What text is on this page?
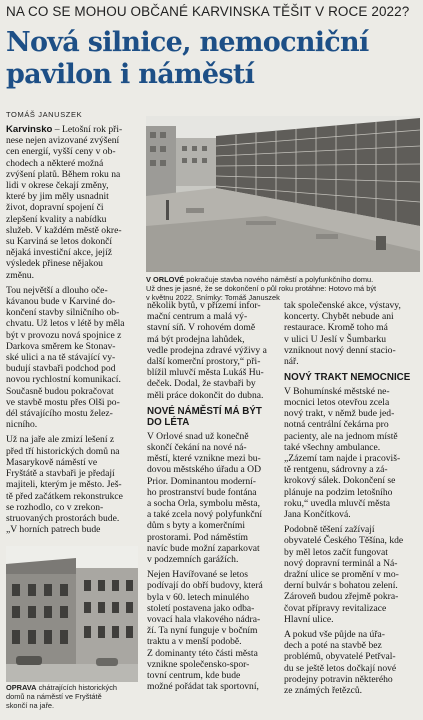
NA CO SE MOHOU OBČANÉ KARVINSKA TĚŠIT V ROCE 2022?
Nová silnice, nemocniční
pavilon i náměstí
TOMÁŠ JANUSZEK
V ORLOVÉ pokračuje stavba nového náměstí a polyfunkčního domu.
Už dnes je jasné, že se dokončení o půl roku protáhne: Hotovo má být
v květnu 2022. Snímky: Tomáš Januszek
Karvinsko – Letošní rok při-
nese nejen avizované zvýšení
cen energií, vyšší ceny v ob-
chodech a některé možná
zvýšení platů. Během roku na
lidi v okrese čekají změny,
které by jim měly usnadnit
život, dopravní spojení či
zlepšení kvality a nabídku
služeb. V každém městě okre-
su Karviná se letos dokončí
nějaká investiční akce, jejíž
výsledek přinese nějakou
změnu.
Tou největší a dlouho oče-
kávanou bude v Karviné do-
končení stavby silničního ob-
chvatu. Už letos v létě by měla
být v provozu nová spojnice z
Darkova směrem ke Stonav-
ské ulici a na tě stávající vy-
budují stavbaři podchod pod
novou rychlostní komunikací.
Současně budou pokračovat
ve stavbě mostu přes Olši po-
dél stávajícího mostu želez-
nicního.
Už na jaře ale zmizí lešení z
před tří historických domů na
Masarykově náměstí ve
Fryštátě a stavbaři je předají
majiteli, kterým je město. Ješ-
tě před začátkem rekonstrukce
se rozhodlo, co v zrekon-
struovaných prostorách bude.
„V horních patrech bude
OPRAVA chátrajících historických
domů na náměstí ve Fryštátě
skončí na jaře.
několik bytů, v přízemí infor-
mační centrum a malá vý-
stavní síň. V rohovém domě
má být prodejna lahůdek,
vedle prodejna zdravé výživy a
další komerční prostory,“ při-
blížil mluvčí města Lukáš Hu-
deček. Dodal, že stavbaři by
měli práce dokončit do dubna.
NOVÉ NÁMĚSTÍ MÁ BÝT
DO LÉTA
V Orlové snad už konečně
skončí čekání na nové ná-
městí, které vznikne mezi bu-
dovou městského úřadu a OD
Prior. Dominantou moderní-
ho prostranství bude fontána
a socha Orla, symbolu města,
a také zcela nový polyfunkční
dům s byty a komerčními
prostorami. Pod náměstím
navíc bude možní zaparkovat
v podzemních garážích.
Nejen Havířované se letos
podívají do obří budovy, která
byla v 60. letech minulého
století postavena jako odba-
vovací hala vlakového nádra-
ží. Ta nyní funguje v bočním
traktu a v menší podobě.
Z dominanty této části města
vznikne společensko-spor-
tovní centrum, kde bude
možné pořádat tak sportovní,
tak společenské akce, výstavy,
koncerty. Chybět nebude ani
restaurace. Kromě toho má
v ulici U Jeslí v Šumbarku
vzniknout nový denní stacio-
nář.
NOVÝ TRAKT NEMOCNICE
V Bohumínské městské ne-
mocnici letos otevřou zcela
nový trakt, v němž bude jed-
notná centrální čekárna pro
pacienty, ale na jednom místě
také všechny ambulance.
„Zázemí tam najde i pracoviš-
tě rentgenu, sádrovny a zá-
krokový sálek. Dokončení se
plánuje na podzim letošního
roku,“ uvedla mluvčí města
Jana Končítková.
Podobně těšení zažívají
obyvatelé Českého Těšína, kde
by měl letos začít fungovat
nový dopravní terminál a Ná-
dražní ulice se promění v mo-
derní bulvár s bohatou zelení.
Zároveň budou zřejmě pokra-
čovat přípravy revitalizace
Hlavní ulice.
A pokud vše půjde na úřa-
dech a poté na stavbě bez
problémů, obyvatelé Petřval-
du se ještě letos dočkají nové
prodejny potravin některého
ze známých řetězců.
